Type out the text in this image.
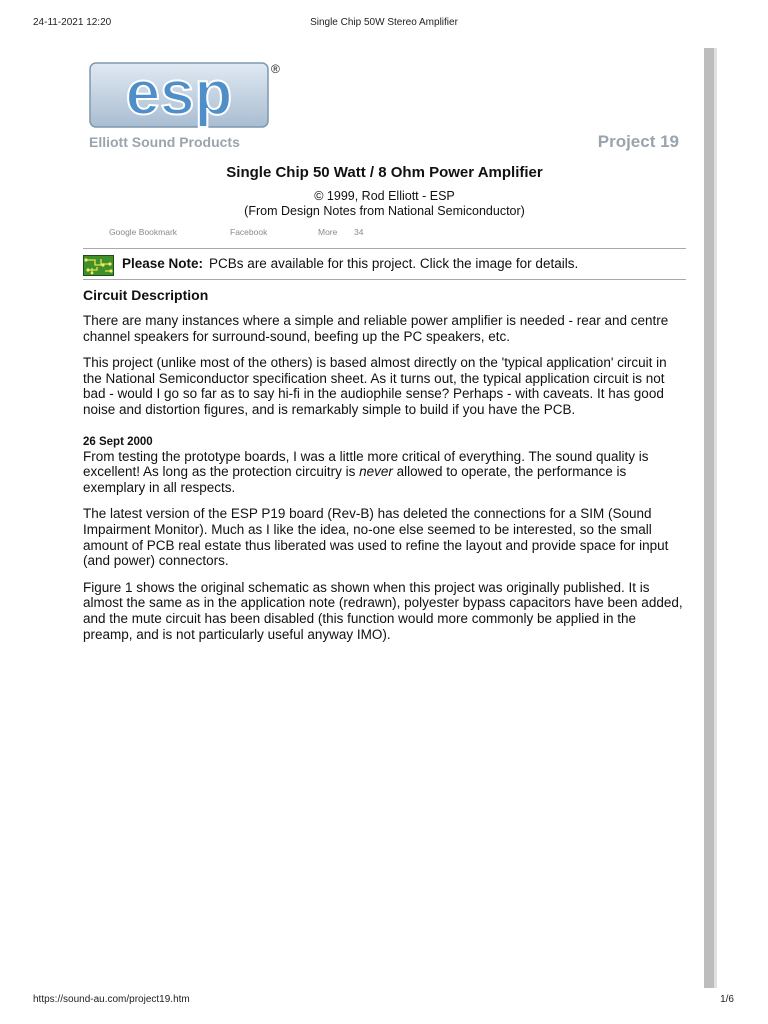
24-11-2021 12:20	Single Chip 50W Stereo Amplifier
esp	®
Elliott Sound Products	Project 19
Single Chip 50 Watt / 8 Ohm Power Amplifier
© 1999, Rod Elliott - ESP
(From Design Notes from National Semiconductor)
Google Bookmark	Facebook	More 34
Please Note: PCBs are available for this project. Click the image for details.
Circuit Description

There are many instances where a simple and reliable power amplifier is needed - rear and centre channel speakers for surround-sound, beefing up the PC speakers, etc.

This project (unlike most of the others) is based almost directly on the 'typical application' circuit in the National Semiconductor specification sheet. As it turns out, the typical application circuit is not bad - would I go so far as to say hi-fi in the audiophile sense? Perhaps - with caveats. It has good noise and distortion figures, and is remarkably simple to build if you have the PCB.

26 Sept 2000

From testing the prototype boards, I was a little more critical of everything. The sound quality is excellent! As long as the protection circuitry is never allowed to operate, the performance is exemplary in all respects.

The latest version of the ESP P19 board (Rev-B) has deleted the connections for a SIM (Sound Impairment Monitor). Much as I like the idea, no-one else seemed to be interested, so the small amount of PCB real estate thus liberated was used to refine the layout and provide space for input (and power) connectors.

Figure 1 shows the original schematic as shown when this project was originally published. It is almost the same as in the application note (redrawn), polyester bypass capacitors have been added, and the mute circuit has been disabled (this function would more commonly be applied in the preamp, and is not particularly useful anyway IMO).

https://sound-au.com/project19.htm	1/6
